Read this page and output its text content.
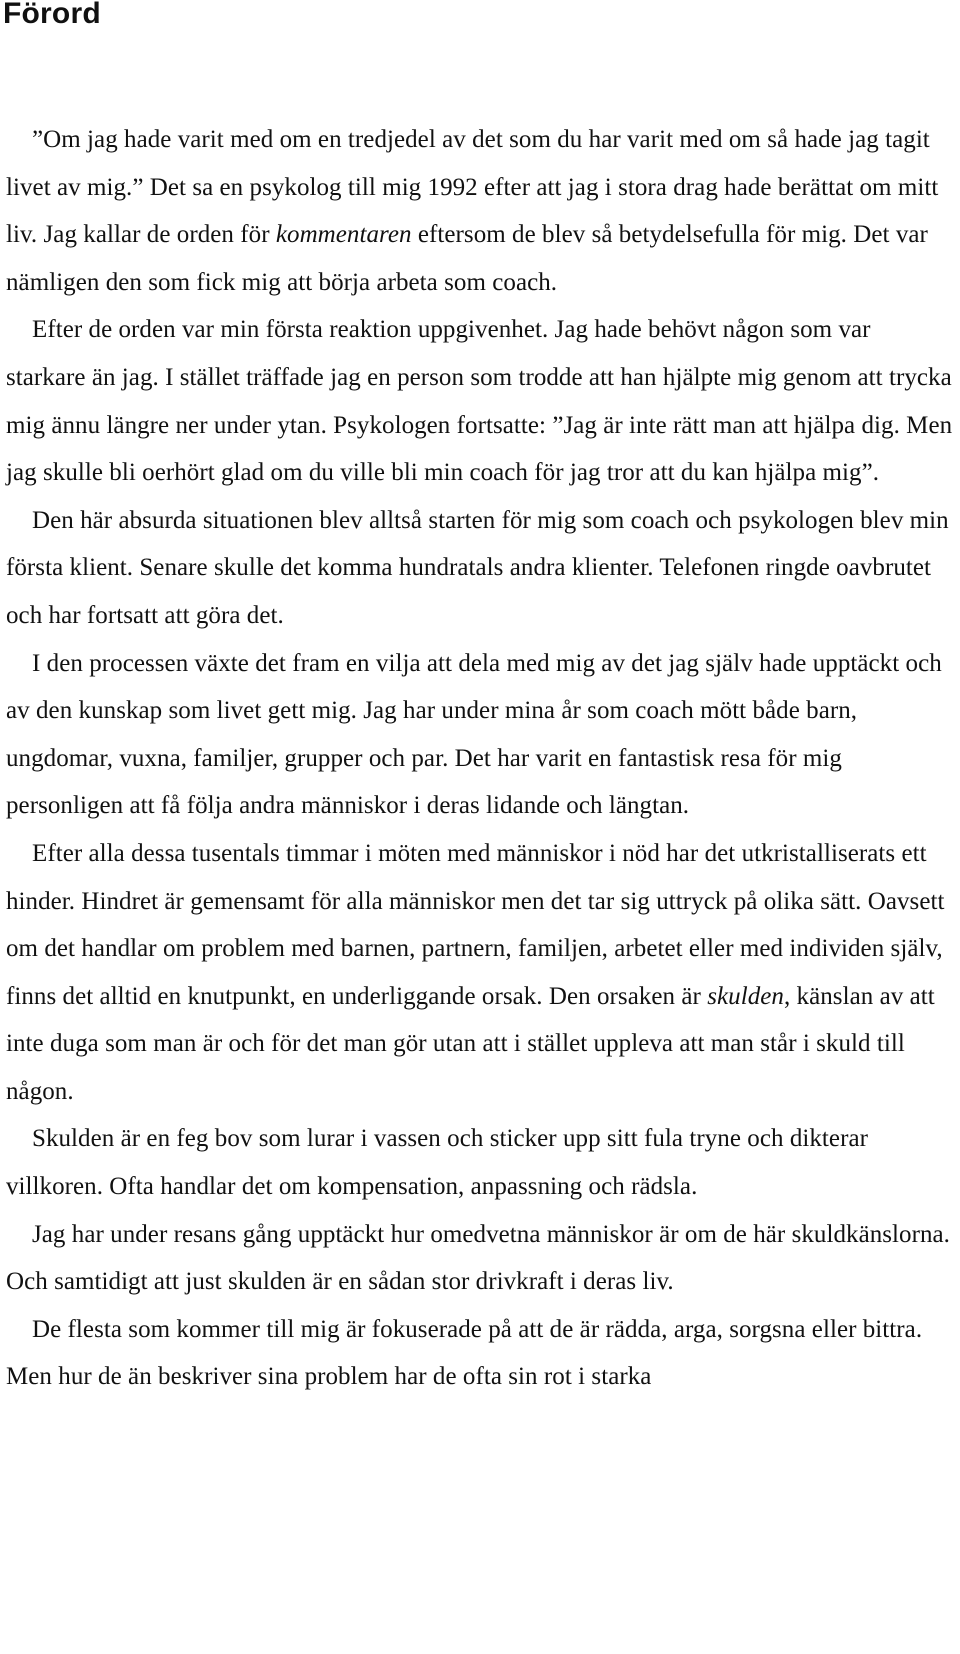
Förord

”Om jag hade varit med om en tredjedel av det som du har varit med om så hade jag tagit livet av mig.” Det sa en psykolog till mig 1992 efter att jag i stora drag hade berättat om mitt liv. Jag kallar de orden för kommentaren eftersom de blev så betydelsefulla för mig. Det var nämligen den som fick mig att börja arbeta som coach.

Efter de orden var min första reaktion uppgivenhet. Jag hade behövt någon som var starkare än jag. I stället träffade jag en person som trodde att han hjälpte mig genom att trycka mig ännu längre ner under ytan. Psykologen fortsatte: ”Jag är inte rätt man att hjälpa dig. Men jag skulle bli oerhört glad om du ville bli min coach för jag tror att du kan hjälpa mig”.

Den här absurda situationen blev alltså starten för mig som coach och psykologen blev min första klient. Senare skulle det komma hundratals andra klienter. Telefonen ringde oavbrutet och har fortsatt att göra det.

I den processen växte det fram en vilja att dela med mig av det jag själv hade upptäckt och av den kunskap som livet gett mig. Jag har under mina år som coach mött både barn, ungdomar, vuxna, familjer, grupper och par. Det har varit en fantastisk resa för mig personligen att få följa andra människor i deras lidande och längtan.

Efter alla dessa tusentals timmar i möten med människor i nöd har det utkristalliserats ett hinder. Hindret är gemensamt för alla människor men det tar sig uttryck på olika sätt. Oavsett om det handlar om problem med barnen, partnern, familjen, arbetet eller med individen själv, finns det alltid en knutpunkt, en underliggande orsak. Den orsaken är skulden, känslan av att inte duga som man är och för det man gör utan att i stället uppleva att man står i skuld till någon.

Skulden är en feg bov som lurar i vassen och sticker upp sitt fula tryne och dikterar villkoren. Ofta handlar det om kompensation, anpassning och rädsla.

Jag har under resans gång upptäckt hur omedvetna människor är om de här skuldkänslorna. Och samtidigt att just skulden är en sådan stor drivkraft i deras liv.

De flesta som kommer till mig är fokuserade på att de är rädda, arga, sorgsna eller bittra. Men hur de än beskriver sina problem har de ofta sin rot i starka
